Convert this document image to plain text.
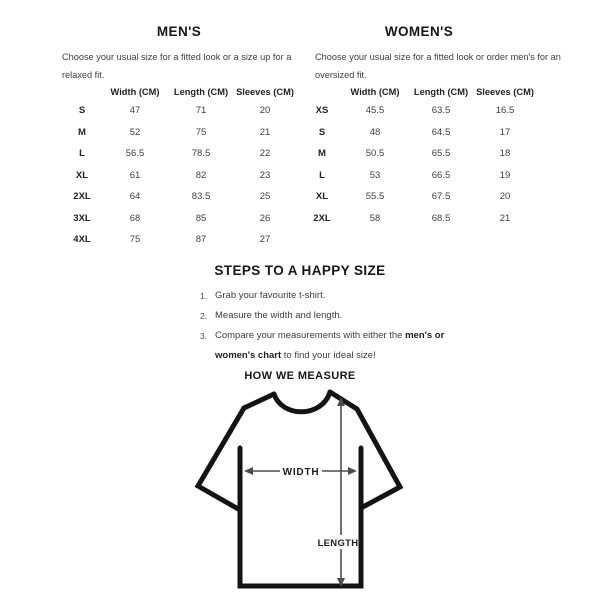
MEN'S
Choose your usual size for a fitted look or a size up for a
relaxed fit.
	Width (CM)	Length (CM)	Sleeves (CM)
S	47	71	20
M	52	75	21
L	56.5	78.5	22
XL	61	82	23
2XL	64	83.5	25
3XL	68	85	26
4XL	75	87	27
WOMEN'S
Choose your usual size for a fitted look or order men's for an
oversized fit.
	Width (CM)	Length (CM)	Sleeves (CM)
XS	45.5	63.5	16.5
S	48	64.5	17
M	50.5	65.5	18
L	53	66.5	19
XL	55.5	67.5	20
2XL	58	68.5	21
STEPS TO A HAPPY SIZE
1. Grab your favourite t-shirt.
2. Measure the width and length.
3. Compare your measurements with either the men's or
women's chart to find your ideal size!
HOW WE MEASURE
WIDTH
LENGTH
